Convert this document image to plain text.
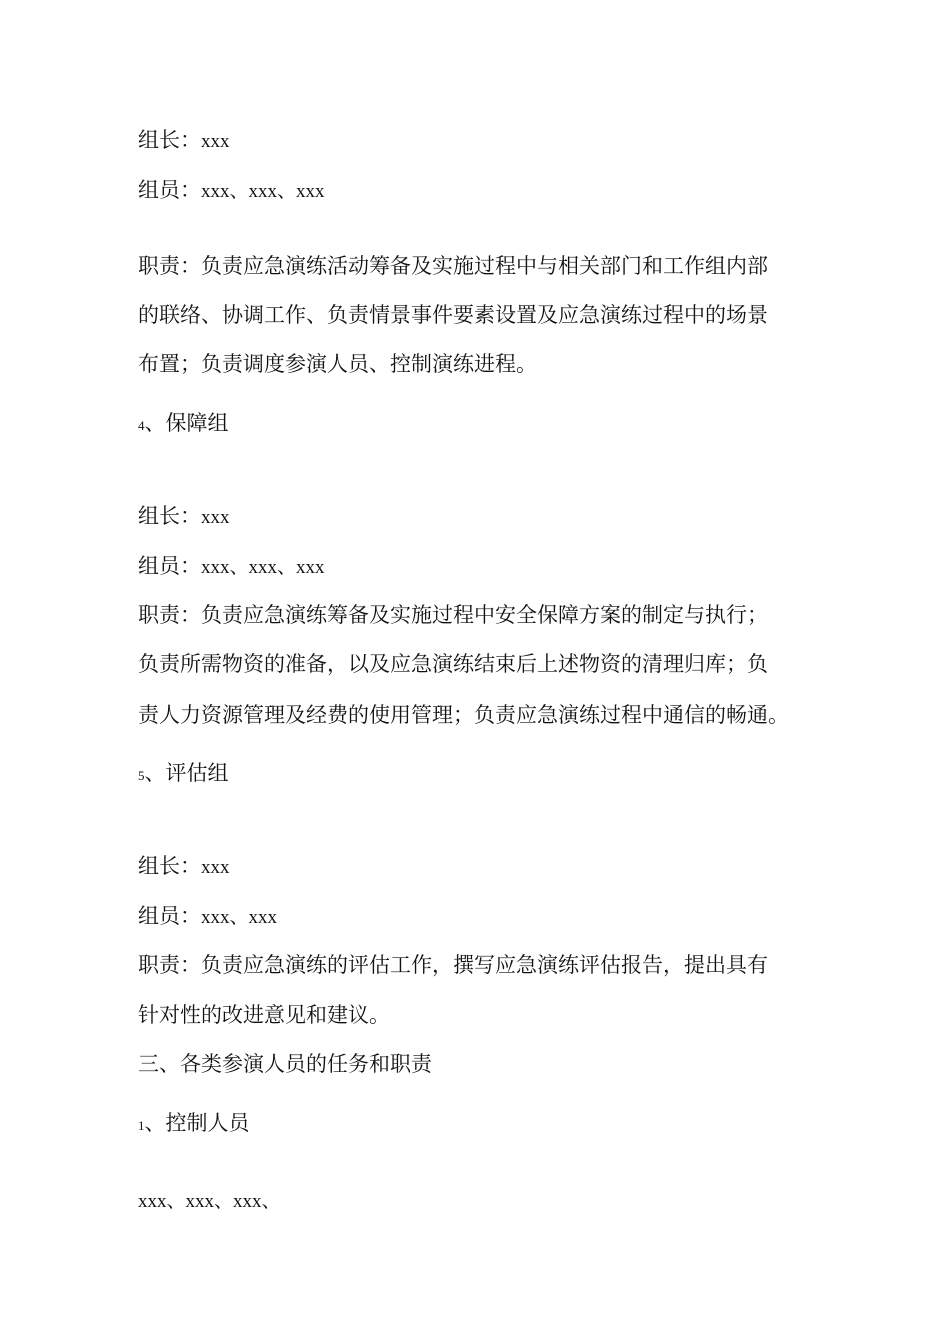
组长：xxx

组员：xxx、xxx、xxx

职责：负责应急演练活动筹备及实施过程中与相关部门和工作组内部

的联络、协调工作、负责情景事件要素设置及应急演练过程中的场景

布置；负责调度参演人员、控制演练进程。

4、保障组

组长：xxx

组员：xxx、xxx、xxx

职责：负责应急演练筹备及实施过程中安全保障方案的制定与执行；

负责所需物资的准备，以及应急演练结束后上述物资的清理归库；负

责人力资源管理及经费的使用管理；负责应急演练过程中通信的畅通。

5、评估组

组长：xxx

组员：xxx、xxx

职责：负责应急演练的评估工作，撰写应急演练评估报告，提出具有

针对性的改进意见和建议。

三、各类参演人员的任务和职责

1、控制人员

xxx、xxx、xxx、
